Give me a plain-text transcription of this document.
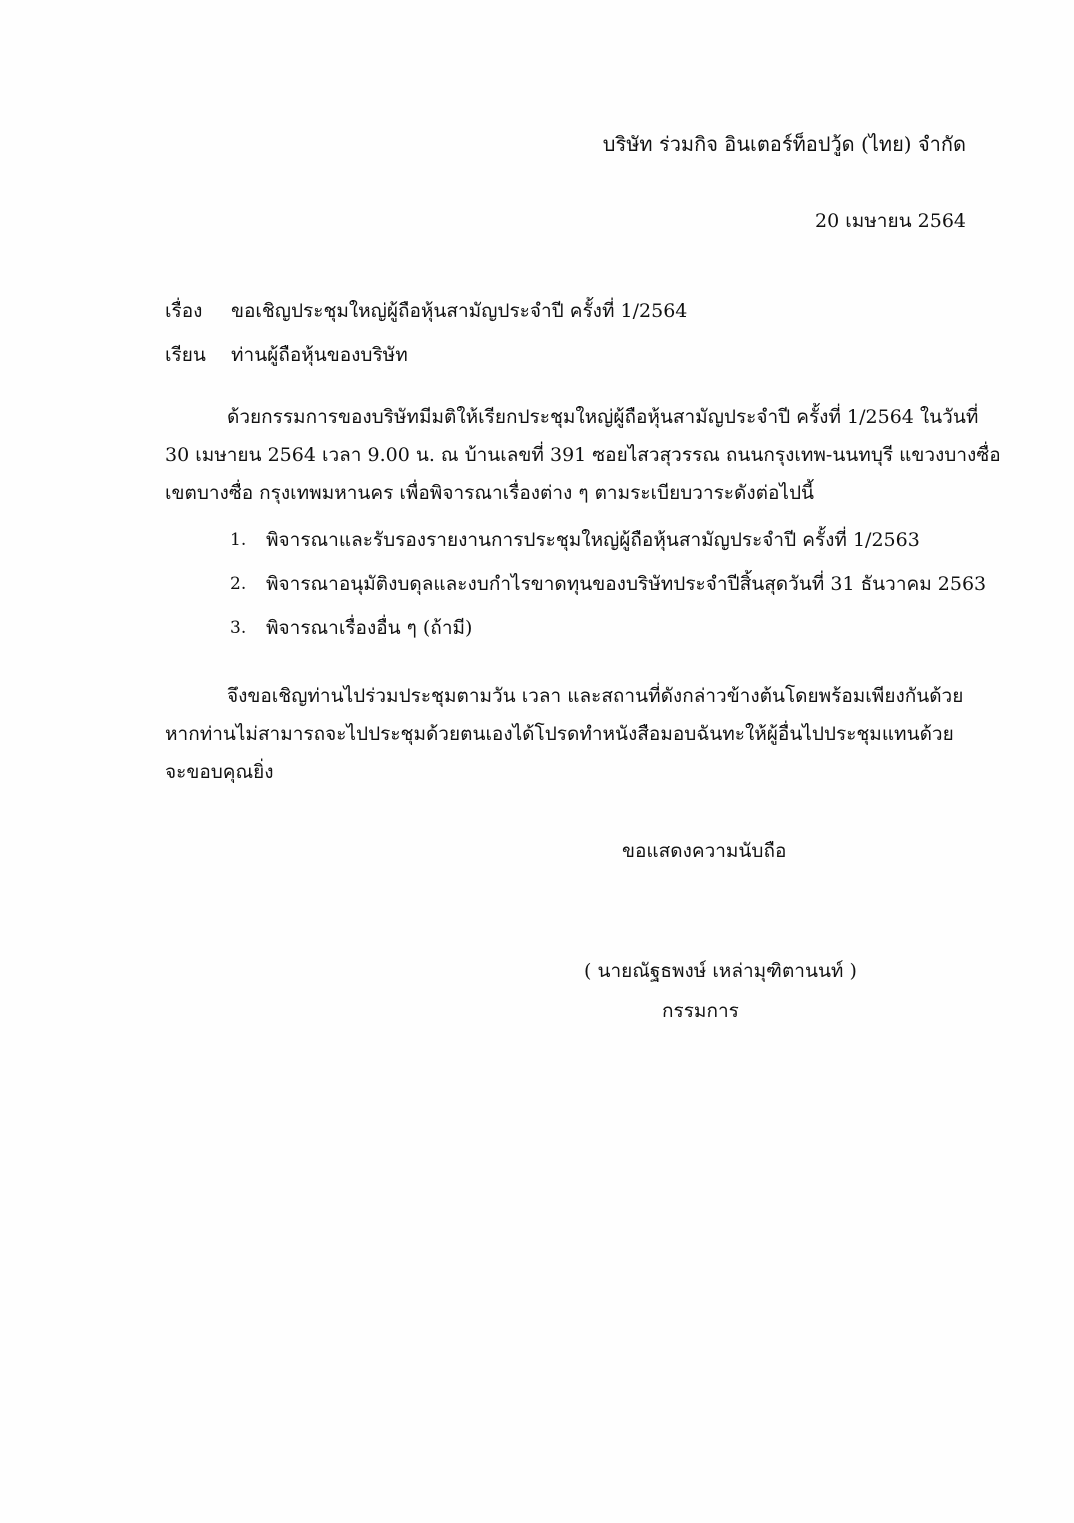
บริษัท ร่วมกิจ อินเตอร์ท็อปวู้ด (ไทย) จำกัด
20 เมษายน 2564
เรื่อง	ขอเชิญประชุมใหญ่ผู้ถือหุ้นสามัญประจำปี ครั้งที่ 1/2564
เรียน	ท่านผู้ถือหุ้นของบริษัท
ด้วยกรรมการของบริษัทมีมติให้เรียกประชุมใหญ่ผู้ถือหุ้นสามัญประจำปี ครั้งที่ 1/2564 ในวันที่
30 เมษายน 2564 เวลา 9.00 น. ณ บ้านเลขที่ 391 ซอยไสวสุวรรณ ถนนกรุงเทพ-นนทบุรี แขวงบางซื่อ
เขตบางซื่อ กรุงเทพมหานคร เพื่อพิจารณาเรื่องต่าง ๆ ตามระเบียบวาระดังต่อไปนี้
1.	พิจารณาและรับรองรายงานการประชุมใหญ่ผู้ถือหุ้นสามัญประจำปี ครั้งที่ 1/2563
2.	พิจารณาอนุมัติงบดุลและงบกำไรขาดทุนของบริษัทประจำปีสิ้นสุดวันที่ 31 ธันวาคม 2563
3.	พิจารณาเรื่องอื่น ๆ (ถ้ามี)
จึงขอเชิญท่านไปร่วมประชุมตามวัน เวลา และสถานที่ดังกล่าวข้างต้นโดยพร้อมเพียงกันด้วย
หากท่านไม่สามารถจะไปประชุมด้วยตนเองได้โปรดทำหนังสือมอบฉันทะให้ผู้อื่นไปประชุมแทนด้วย
จะขอบคุณยิ่ง
ขอแสดงความนับถือ
( นายณัฐธพงษ์ เหล่ามุฑิตานนท์ )
กรรมการ
